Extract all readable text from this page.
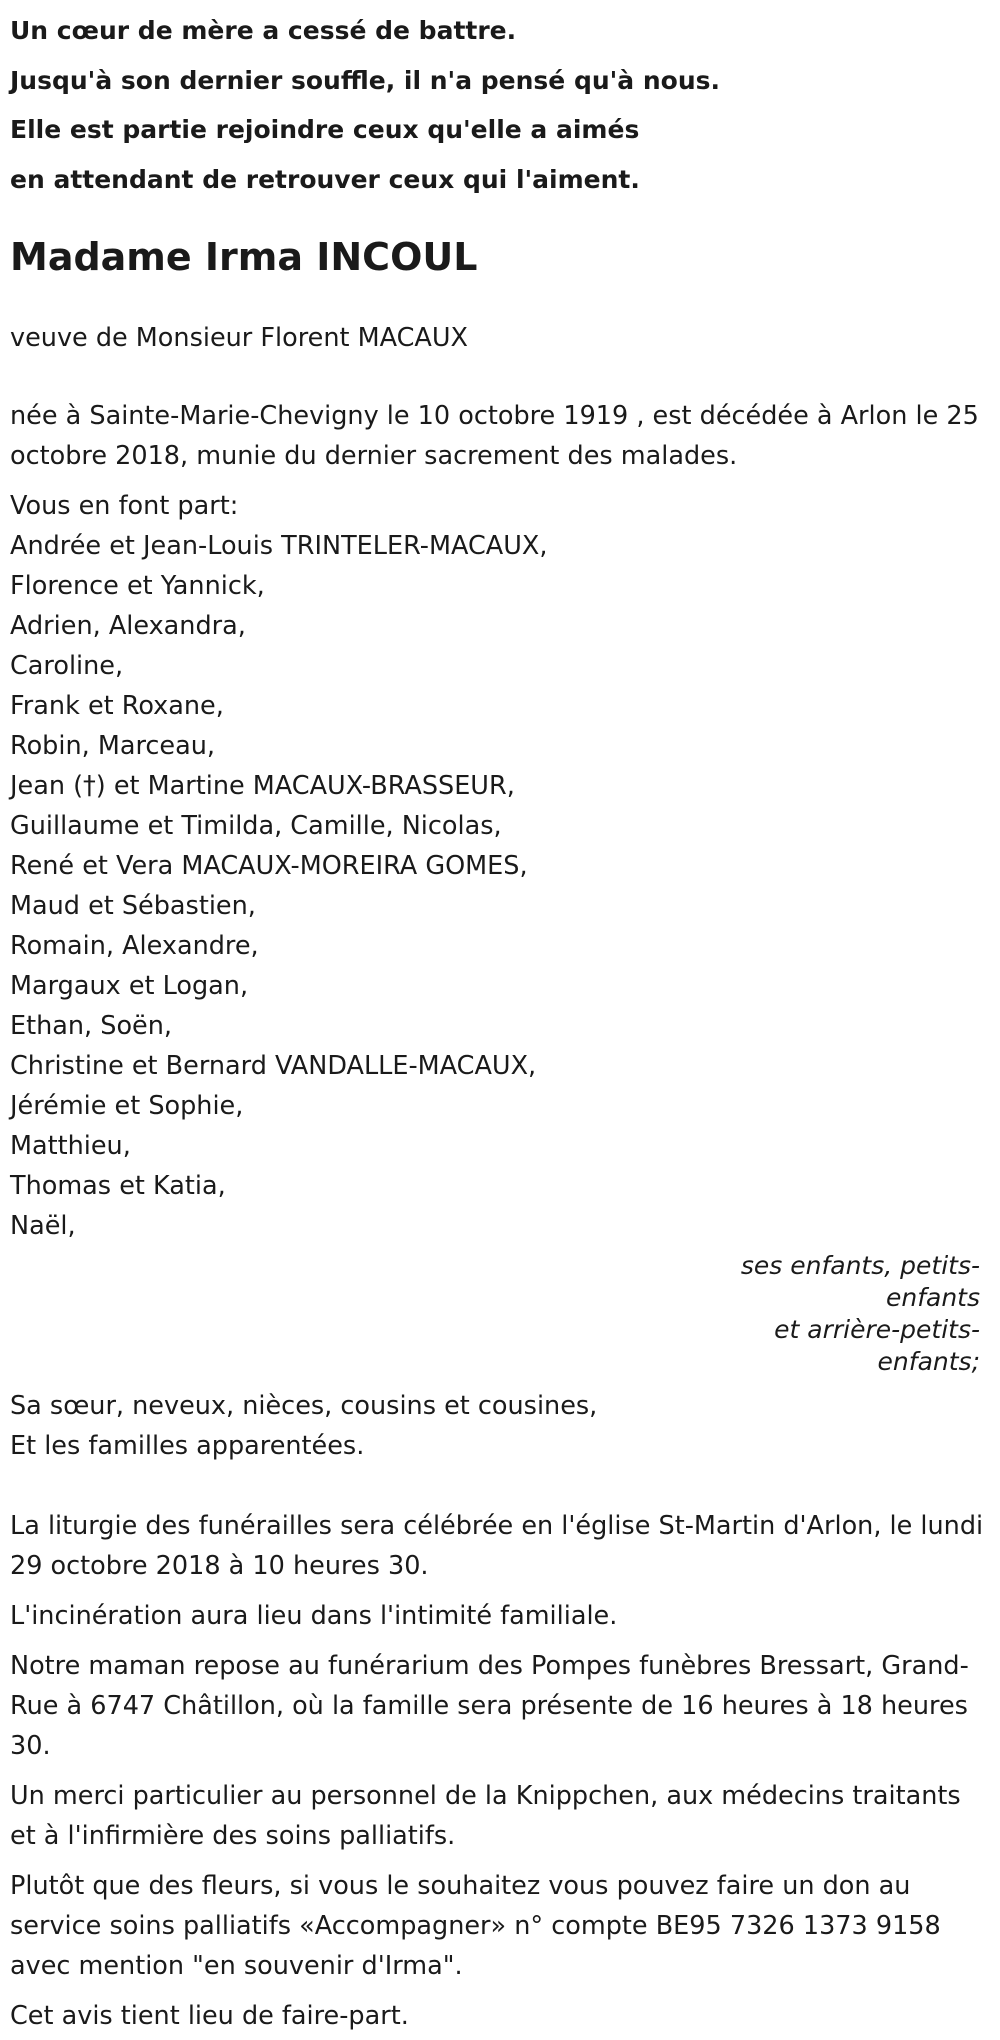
Un cœur de mère a cessé de battre.

Jusqu'à son dernier souffle, il n'a pensé qu'à nous.

Elle est partie rejoindre ceux qu'elle a aimés

en attendant de retrouver ceux qui l'aiment.

Madame Irma INCOUL

veuve de Monsieur Florent MACAUX

née à Sainte-Marie-Chevigny le 10 octobre 1919 , est décédée à Arlon le 25 octobre 2018, munie du dernier sacrement des malades.

Vous en font part:

Andrée et Jean-Louis TRINTELER-MACAUX,

Florence et Yannick,

Adrien, Alexandra,

Caroline,

Frank et Roxane,

Robin, Marceau,

Jean (†) et Martine MACAUX-BRASSEUR,

Guillaume et Timilda, Camille, Nicolas,

René et Vera MACAUX-MOREIRA GOMES,

Maud et Sébastien,

Romain, Alexandre,

Margaux et Logan,

Ethan, Soën,

Christine et Bernard VANDALLE-MACAUX,

Jérémie et Sophie,

Matthieu,

Thomas et Katia,

Naël,

ses enfants, petits-enfants

et arrière-petits-enfants;

Sa sœur, neveux, nièces, cousins et cousines,

Et les familles apparentées.

La liturgie des funérailles sera célébrée en l'église St-Martin d'Arlon, le lundi 29 octobre 2018 à 10 heures 30.

L'incinération aura lieu dans l'intimité familiale.

Notre maman repose au funérarium des Pompes funèbres Bressart, Grand-Rue à 6747 Châtillon, où la famille sera présente de 16 heures à 18 heures 30.

Un merci particulier au personnel de la Knippchen, aux médecins traitants et à l'infirmière des soins palliatifs.

Plutôt que des fleurs, si vous le souhaitez vous pouvez faire un don au service soins palliatifs «Accompagner» n° compte BE95 7326 1373 9158 avec mention "en souvenir d'Irma".

Cet avis tient lieu de faire-part.
